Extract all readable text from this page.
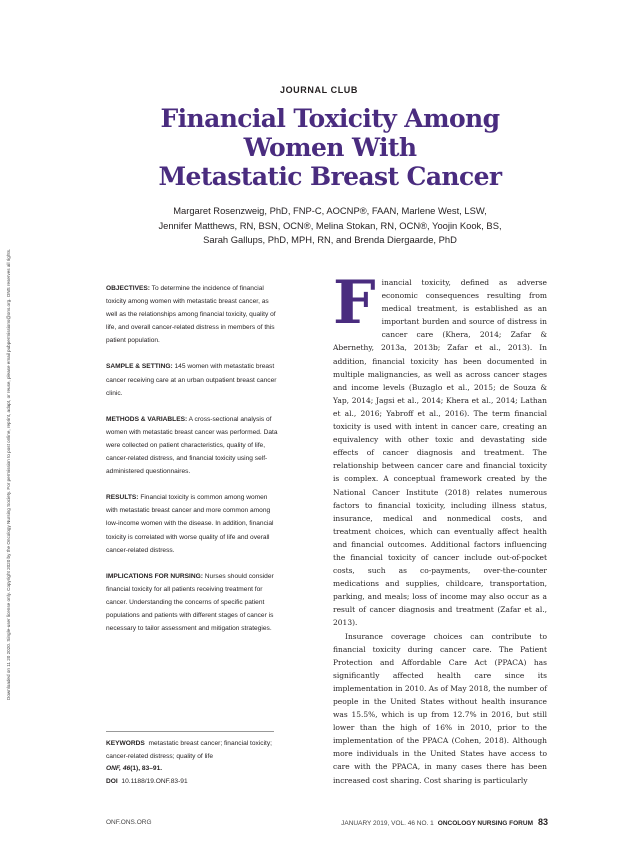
Downloaded on 11 20 2020. Single-user license only. Copyright 2020 by the Oncology Nursing Society. For permission to post online, reprint, adapt, or reuse, please email pubpermissions@ons.org. ONS reserves all rights.
JOURNAL CLUB
Financial Toxicity Among
Women With
Metastatic Breast Cancer
Margaret Rosenzweig, PhD, FNP-C, AOCNP®, FAAN, Marlene West, LSW,
Jennifer Matthews, RN, BSN, OCN®, Melina Stokan, RN, OCN®, Yoojin Kook, BS,
Sarah Gallups, PhD, MPH, RN, and Brenda Diergaarde, PhD

OBJECTIVES: To determine the incidence of financial toxicity among women with metastatic breast cancer, as well as the relationships among financial toxicity, quality of life, and overall cancer-related distress in members of this patient population.

SAMPLE & SETTING: 145 women with metastatic breast cancer receiving care at an urban outpatient breast cancer clinic.

METHODS & VARIABLES: A cross-sectional analysis of women with metastatic breast cancer was performed. Data were collected on patient characteristics, quality of life, cancer-related distress, and financial toxicity using self-administered questionnaires.

RESULTS: Financial toxicity is common among women with metastatic breast cancer and more common among low-income women with the disease. In addition, financial toxicity is correlated with worse quality of life and overall cancer-related distress.

IMPLICATIONS FOR NURSING: Nurses should consider financial toxicity for all patients receiving treatment for cancer. Understanding the concerns of specific patient populations and patients with different stages of cancer is necessary to tailor assessment and mitigation strategies.

KEYWORDS metastatic breast cancer; financial toxicity; cancer-related distress; quality of life

ONF, 46(1), 83–91.

DOI 10.1188/19.ONF.83-91

Financial toxicity, defined as adverse economic consequences resulting from medical treatment, is established as an important burden and source of distress in cancer care (Khera, 2014; Zafar & Abernethy, 2013a, 2013b; Zafar et al., 2013). In addition, financial toxicity has been documented in multiple malignancies, as well as across cancer stages and income levels (Buzaglo et al., 2015; de Souza & Yap, 2014; Jagsi et al., 2014; Khera et al., 2014; Lathan et al., 2016; Yabroff et al., 2016). The term financial toxicity is used with intent in cancer care, creating an equivalency with other toxic and devastating side effects of cancer diagnosis and treatment. The relationship between cancer care and financial toxicity is complex. A conceptual framework created by the National Cancer Institute (2018) relates numerous factors to financial toxicity, including illness status, insurance, medical and nonmedical costs, and treatment choices, which can eventually affect health and financial outcomes. Additional factors influencing the financial toxicity of cancer include out-of-pocket costs, such as co-payments, over-the-counter medications and supplies, childcare, transportation, parking, and meals; loss of income may also occur as a result of cancer diagnosis and treatment (Zafar et al., 2013).

Insurance coverage choices can contribute to financial toxicity during cancer care. The Patient Protection and Affordable Care Act (PPACA) has significantly affected health care since its implementation in 2010. As of May 2018, the number of people in the United States without health insurance was 15.5%, which is up from 12.7% in 2016, but still lower than the high of 16% in 2010, prior to the implementation of the PPACA (Cohen, 2018). Although more individuals in the United States have access to care with the PPACA, in many cases there has been increased cost sharing. Cost sharing is particularly

ONF.ONS.ORG	JANUARY 2019, VOL. 46 NO. 1 ONCOLOGY NURSING FORUM 83
